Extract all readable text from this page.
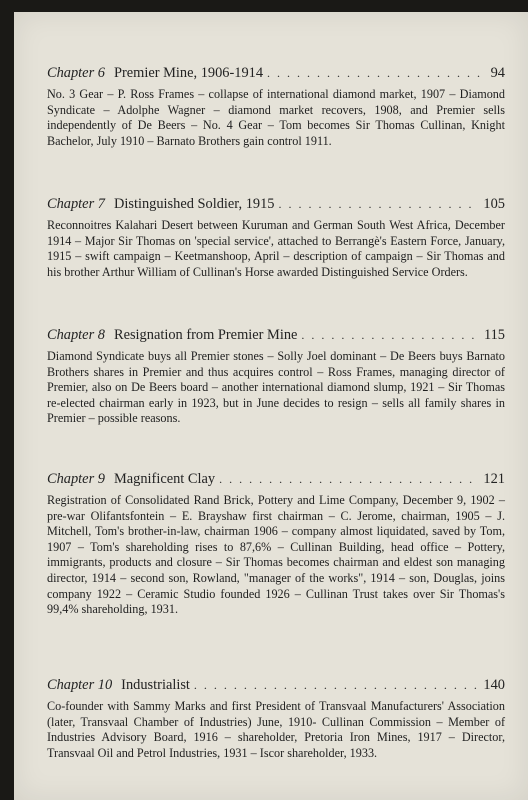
Chapter 6 Premier Mine, 1906-1914 . . .	94

No. 3 Gear – P. Ross Frames – collapse of international diamond market, 1907 – Diamond Syndicate – Adolphe Wagner – diamond market recovers, 1908, and Premier sells independently of De Beers – No. 4 Gear – Tom becomes Sir Thomas Cullinan, Knight Bachelor, July 1910 – Barnato Brothers gain control 1911.

Chapter 7 Distinguished Soldier, 1915 . . .	105

Reconnoitres Kalahari Desert between Kuruman and German South West Africa, December 1914 – Major Sir Thomas on 'special service', attached to Berrangè's Eastern Force, January, 1915 – swift campaign – Keetmanshoop, April – description of campaign – Sir Thomas and his brother Arthur William of Cullinan's Horse awarded Distinguished Service Orders.

Chapter 8 Resignation from Premier Mine . . .	115

Diamond Syndicate buys all Premier stones – Solly Joel dominant – De Beers buys Barnato Brothers shares in Premier and thus acquires control – Ross Frames, managing director of Premier, also on De Beers board – another international diamond slump, 1921 – Sir Thomas re-elected chairman early in 1923, but in June decides to resign – sells all family shares in Premier – possible reasons.

Chapter 9 Magnificent Clay . . .	121

Registration of Consolidated Rand Brick, Pottery and Lime Company, December 9, 1902 – pre-war Olifantsfontein – E. Brayshaw first chairman – C. Jerome, chairman, 1905 – J. Mitchell, Tom's brother-in-law, chairman 1906 – company almost liquidated, saved by Tom, 1907 – Tom's shareholding rises to 87,6% – Cullinan Building, head office – Pottery, immigrants, products and closure – Sir Thomas becomes chairman and eldest son managing director, 1914 – second son, Rowland, "manager of the works", 1914 – son, Douglas, joins company 1922 – Ceramic Studio founded 1926 – Cullinan Trust takes over Sir Thomas's 99,4% shareholding, 1931.

Chapter 10 Industrialist . . .	140

Co-founder with Sammy Marks and first President of Transvaal Manufacturers' Association (later, Transvaal Chamber of Industries) June, 1910- Cullinan Commission – Member of Industries Advisory Board, 1916 – shareholder, Pretoria Iron Mines, 1917 – Director, Transvaal Oil and Petrol Industries, 1931 – Iscor shareholder, 1933.
